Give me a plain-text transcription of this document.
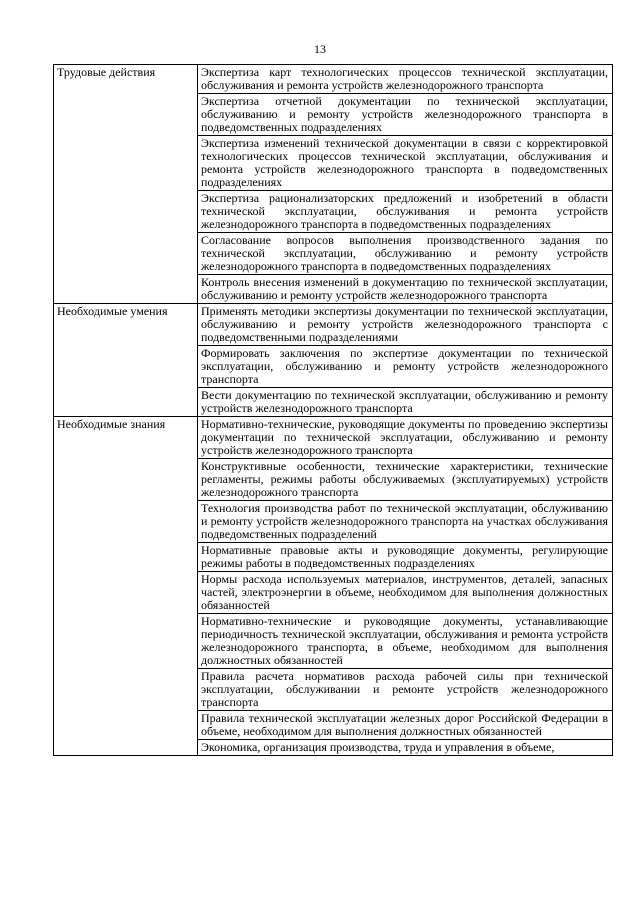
13
Трудовые действия	Экспертиза карт технологических процессов технической эксплуатации, обслуживания и ремонта устройств железнодорожного транспорта
	Экспертиза отчетной документации по технической эксплуатации, обслуживанию и ремонту устройств железнодорожного транспорта в подведомственных подразделениях
	Экспертиза изменений технической документации в связи с корректировкой технологических процессов технической эксплуатации, обслуживания и ремонта устройств железнодорожного транспорта в подведомственных подразделениях
	Экспертиза рационализаторских предложений и изобретений в области технической эксплуатации, обслуживания и ремонта устройств железнодорожного транспорта в подведомственных подразделениях
	Согласование вопросов выполнения производственного задания по технической эксплуатации, обслуживанию и ремонту устройств железнодорожного транспорта в подведомственных подразделениях
	Контроль внесения изменений в документацию по технической эксплуатации, обслуживанию и ремонту устройств железнодорожного транспорта
Необходимые умения	Применять методики экспертизы документации по технической эксплуатации, обслуживанию и ремонту устройств железнодорожного транспорта с подведомственными подразделениями
	Формировать заключения по экспертизе документации по технической эксплуатации, обслуживанию и ремонту устройств железнодорожного транспорта
	Вести документацию по технической эксплуатации, обслуживанию и ремонту устройств железнодорожного транспорта
Необходимые знания	Нормативно-технические, руководящие документы по проведению экспертизы документации по технической эксплуатации, обслуживанию и ремонту устройств железнодорожного транспорта
	Конструктивные особенности, технические характеристики, технические регламенты, режимы работы обслуживаемых (эксплуатируемых) устройств железнодорожного транспорта
	Технология производства работ по технической эксплуатации, обслуживанию и ремонту устройств железнодорожного транспорта на участках обслуживания подведомственных подразделений
	Нормативные правовые акты и руководящие документы, регулирующие режимы работы в подведомственных подразделениях
	Нормы расхода используемых материалов, инструментов, деталей, запасных частей, электроэнергии в объеме, необходимом для выполнения должностных обязанностей
	Нормативно-технические и руководящие документы, устанавливающие периодичность технической эксплуатации, обслуживания и ремонта устройств железнодорожного транспорта, в объеме, необходимом для выполнения должностных обязанностей
	Правила расчета нормативов расхода рабочей силы при технической эксплуатации, обслуживании и ремонте устройств железнодорожного транспорта
	Правила технической эксплуатации железных дорог Российской Федерации в объеме, необходимом для выполнения должностных обязанностей
	Экономика, организация производства, труда и управления в объеме,
